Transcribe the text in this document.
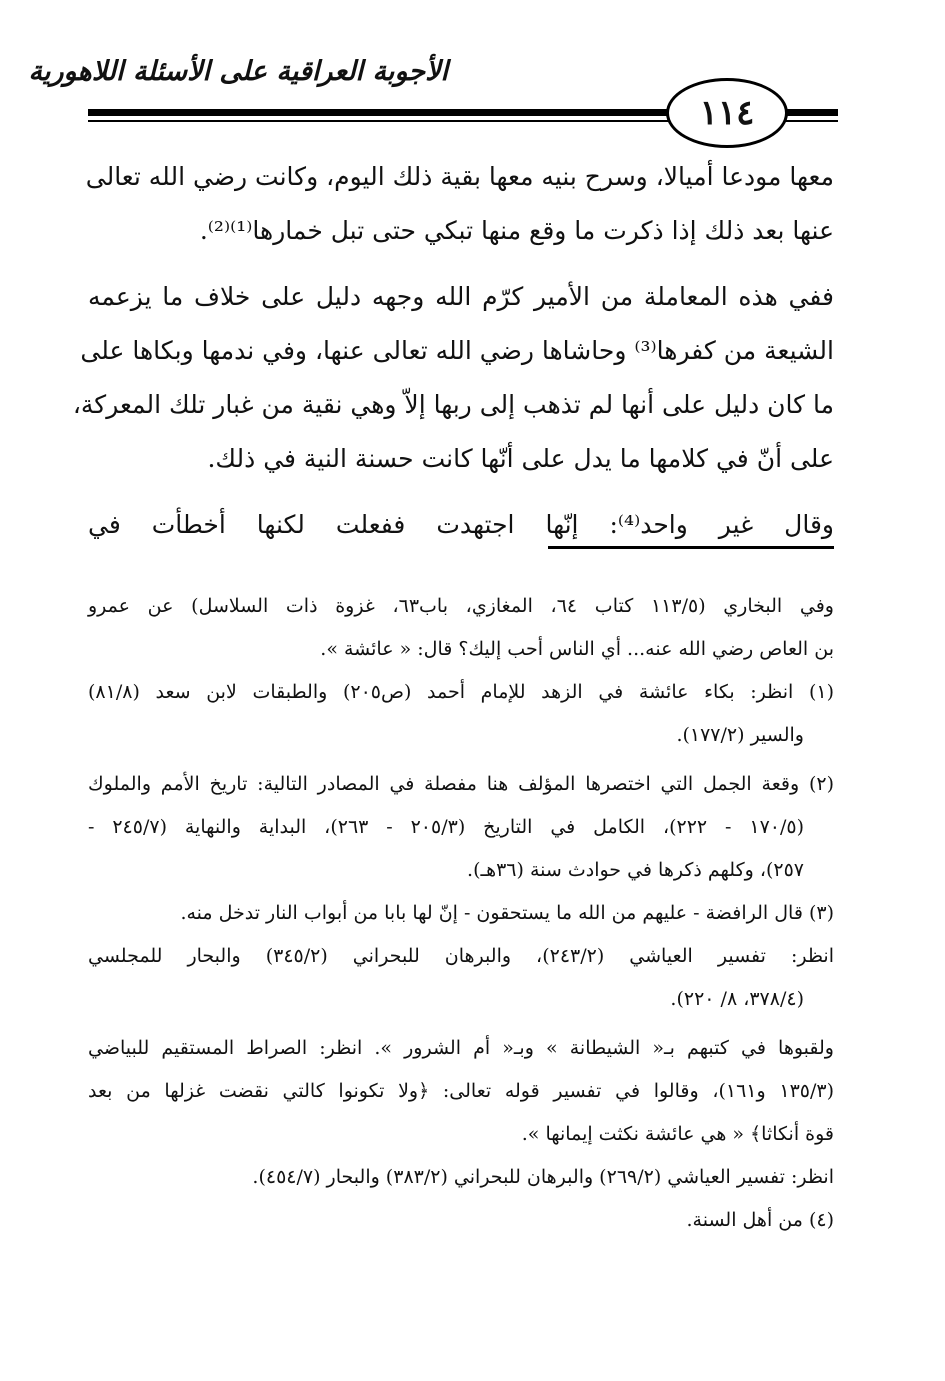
الأجوبة العراقية على الأسئلة اللاهورية
١١٤
معها مودعا أميالا، وسرح بنيه معها بقية ذلك اليوم، وكانت رضي الله تعالى
عنها بعد ذلك إذا ذكرت ما وقع منها تبكي حتى تبل خمارها⁽¹⁾⁽²⁾.
ففي هذه المعاملة من الأمير كرّم الله وجهه دليل على خلاف ما يزعمه
الشيعة من كفرها⁽³⁾ وحاشاها رضي الله تعالى عنها، وفي ندمها وبكاها على
ما كان دليل على أنها لم تذهب إلى ربها إلاّ وهي نقية من غبار تلك المعركة،
على أنّ في كلامها ما يدل على أنّها كانت حسنة النية في ذلك.
وقال غير واحد⁽⁴⁾: إنّها اجتهدت ففعلت لكنها أخطأت في
وفي البخاري (١١٣/٥ كتاب ٦٤، المغازي، باب٦٣، غزوة ذات السلاسل) عن عمرو
بن العاص رضي الله عنه... أي الناس أحب إليك؟ قال: « عائشة ».
(١) انظر: بكاء عائشة في الزهد للإمام أحمد (ص٢٠٥) والطبقات لابن سعد (٨١/٨)
والسير (١٧٧/٢).
(٢) وقعة الجمل التي اختصرها المؤلف هنا مفصلة في المصادر التالية: تاريخ الأمم والملوك
(١٧٠/٥ - ٢٢٢)، الكامل في التاريخ (٢٠٥/٣ - ٢٦٣)، البداية والنهاية (٢٤٥/٧ -
٢٥٧)، وكلهم ذكرها في حوادث سنة (٣٦هـ).
(٣) قال الرافضة - عليهم من الله ما يستحقون - إنّ لها بابا من أبواب النار تدخل منه.
انظر: تفسير العياشي (٢٤٣/٢)، والبرهان للبحراني (٣٤٥/٢) والبحار للمجلسي
(٣٧٨/٤، ٨/ ٢٢٠).
ولقبوها في كتبهم بـ« الشيطانة » وبـ« أم الشرور ». انظر: الصراط المستقيم للبياضي
(١٣٥/٣ و١٦١)، وقالوا في تفسير قوله تعالى: ﴿ولا تكونوا كالتي نقضت غزلها من بعد
قوة أنكاثا﴾ « هي عائشة نكثت إيمانها ».
انظر: تفسير العياشي (٢٦٩/٢) والبرهان للبحراني (٣٨٣/٢) والبحار (٤٥٤/٧).
(٤) من أهل السنة.
